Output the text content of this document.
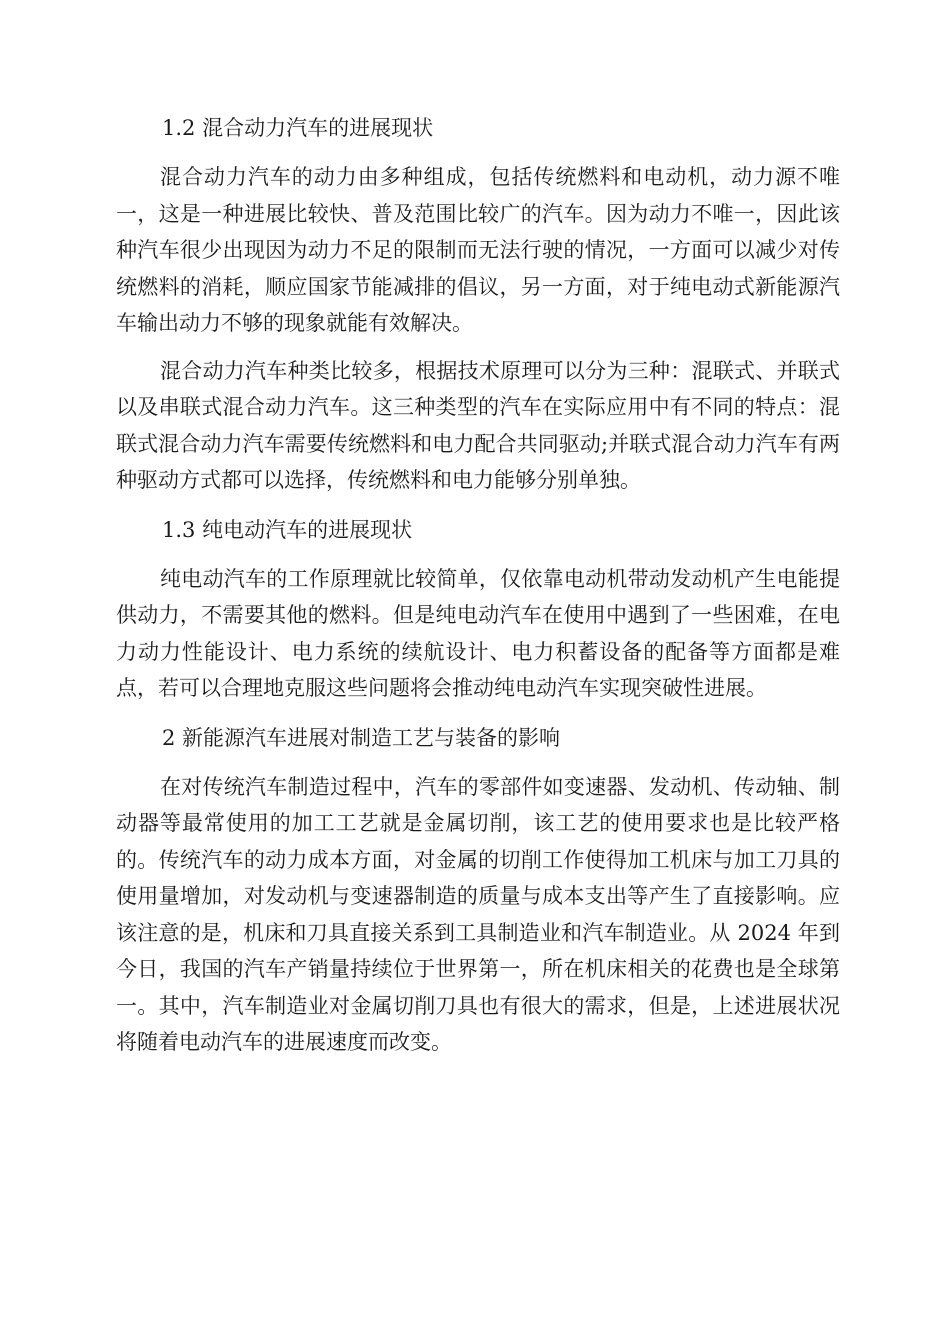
1.2 混合动力汽车的进展现状

混合动力汽车的动力由多种组成，包括传统燃料和电动机，动力源不唯一，这是一种进展比较快、普及范围比较广的汽车。因为动力不唯一，因此该种汽车很少出现因为动力不足的限制而无法行驶的情况，一方面可以减少对传统燃料的消耗，顺应国家节能减排的倡议，另一方面，对于纯电动式新能源汽车输出动力不够的现象就能有效解决。

混合动力汽车种类比较多，根据技术原理可以分为三种：混联式、并联式以及串联式混合动力汽车。这三种类型的汽车在实际应用中有不同的特点：混联式混合动力汽车需要传统燃料和电力配合共同驱动;并联式混合动力汽车有两种驱动方式都可以选择，传统燃料和电力能够分别单独。

1.3 纯电动汽车的进展现状

纯电动汽车的工作原理就比较简单，仅依靠电动机带动发动机产生电能提供动力，不需要其他的燃料。但是纯电动汽车在使用中遇到了一些困难，在电力动力性能设计、电力系统的续航设计、电力积蓄设备的配备等方面都是难点，若可以合理地克服这些问题将会推动纯电动汽车实现突破性进展。

2 新能源汽车进展对制造工艺与装备的影响

在对传统汽车制造过程中，汽车的零部件如变速器、发动机、传动轴、制动器等最常使用的加工工艺就是金属切削，该工艺的使用要求也是比较严格的。传统汽车的动力成本方面，对金属的切削工作使得加工机床与加工刀具的使用量增加，对发动机与变速器制造的质量与成本支出等产生了直接影响。应该注意的是，机床和刀具直接关系到工具制造业和汽车制造业。从 2024 年到今日，我国的汽车产销量持续位于世界第一，所在机床相关的花费也是全球第一。其中，汽车制造业对金属切削刀具也有很大的需求，但是，上述进展状况将随着电动汽车的进展速度而改变。
